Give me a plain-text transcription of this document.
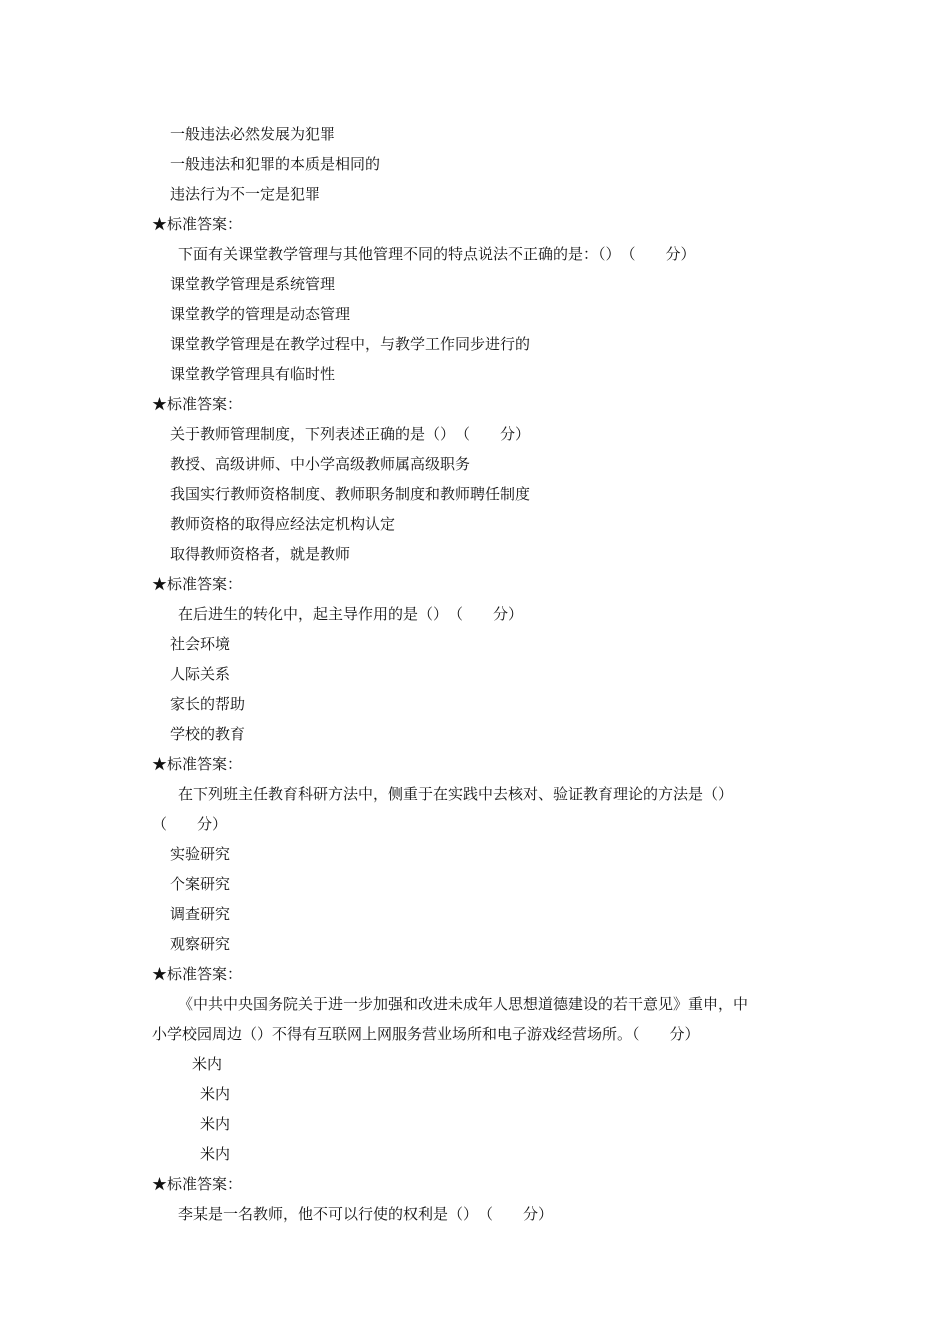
一般违法必然发展为犯罪
一般违法和犯罪的本质是相同的
违法行为不一定是犯罪
★标准答案：
下面有关课堂教学管理与其他管理不同的特点说法不正确的是：（）　（　　分）
课堂教学管理是系统管理
课堂教学的管理是动态管理
课堂教学管理是在教学过程中，与教学工作同步进行的
课堂教学管理具有临时性
★标准答案：
关于教师管理制度，下列表述正确的是（）　（　　分）
教授、高级讲师、中小学高级教师属高级职务
我国实行教师资格制度、教师职务制度和教师聘任制度
教师资格的取得应经法定机构认定
取得教师资格者，就是教师
★标准答案：
在后进生的转化中，起主导作用的是（）　（　　分）
社会环境
人际关系
家长的帮助
学校的教育
★标准答案：
在下列班主任教育科研方法中，侧重于在实践中去核对、验证教育理论的方法是（）
（　　分）
实验研究
个案研究
调查研究
观察研究
★标准答案：
《中共中央国务院关于进一步加强和改进未成年人思想道德建设的若干意见》重申，中
小学校园周边（）不得有互联网上网服务营业场所和电子游戏经营场所。（　　分）
米内
米内
米内
米内
★标准答案：
李某是一名教师，他不可以行使的权利是（）　（　　分）
